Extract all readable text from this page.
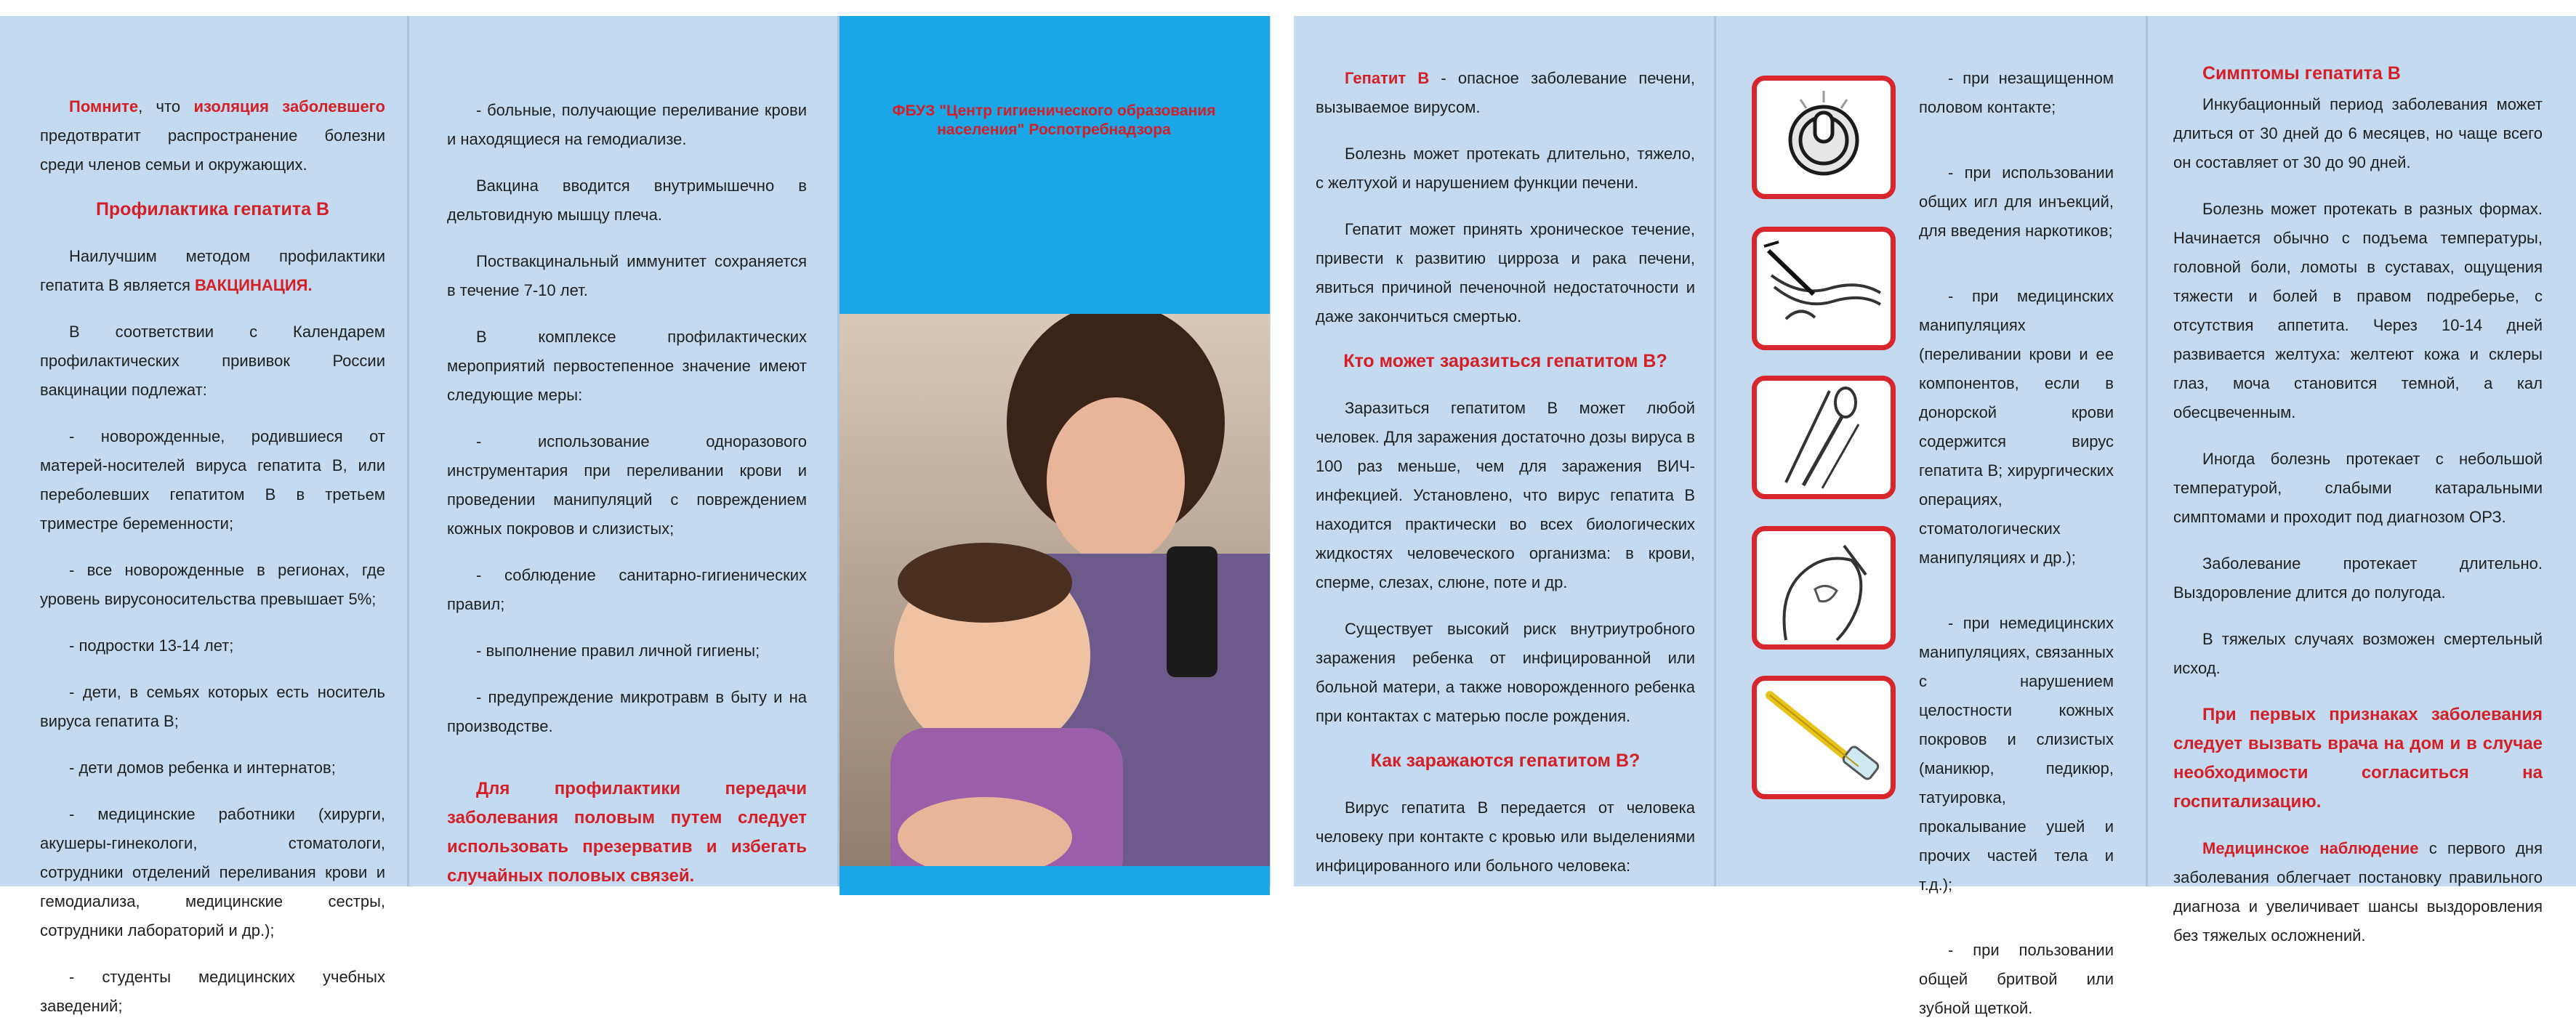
Помните, что изоляция заболевшего предотвратит распространение болезни среди членов семьи и окружающих.

Профилактика гепатита В

Наилучшим методом профилактики гепатита В является ВАКЦИНАЦИЯ.

В соответствии с Календарем профилактических прививок России вакцинации подлежат:

- новорожденные, родившиеся от матерей-носителей вируса гепатита В, или переболевших гепатитом В в третьем триместре беременности;

- все новорожденные в регионах, где уровень вирусоносительства превышает 5%;

- подростки 13-14 лет;

- дети, в семьях которых есть носитель вируса гепатита В;

- дети домов ребенка и интернатов;

- медицинские работники (хирурги, акушеры-гинекологи, стоматологи, сотрудники отделений переливания крови и гемодиализа, медицинские сестры, сотрудники лабораторий и др.);

- студенты медицинских учебных заведений;

- больные, получающие переливание крови и находящиеся на гемодиализе.

Вакцина вводится внутримышечно в дельтовидную мышцу плеча.

Поствакцинальный иммунитет сохраняется в течение 7-10 лет.

В комплексе профилактических мероприятий первостепенное значение имеют следующие меры:

- использование одноразового инструментария при переливании крови и проведении манипуляций с повреждением кожных покровов и слизистых;

- соблюдение санитарно-гигиенических правил;

- выполнение правил личной гигиены;

- предупреждение микротравм в быту и на производстве.

Для профилактики передачи заболевания половым путем следует использовать презерватив и избегать случайных половых связей.

ФБУЗ "Центр гигиенического образования населения" Роспотребнадзора

Гепатит В - опасное заболевание печени, вызываемое вирусом.

Болезнь может протекать длительно, тяжело, с желтухой и нарушением функции печени.

Гепатит может принять хроническое течение, привести к развитию цирроза и рака печени, явиться причиной печеночной недостаточности и даже закончиться смертью.

Кто может заразиться гепатитом В?

Заразиться гепатитом В может любой человек. Для заражения достаточно дозы вируса в 100 раз меньше, чем для заражения ВИЧ-инфекцией. Установлено, что вирус гепатита В находится практически во всех биологических жидкостях человеческого организма: в крови, сперме, слезах, слюне, поте и др.

Существует высокий риск внутриутробного заражения ребенка от инфицированной или больной матери, а также новорожденного ребенка при контактах с матерью после рождения.

Как заражаются гепатитом В?

Вирус гепатита В передается от человека человеку при контакте с кровью или выделениями инфицированного или больного человека:

- при незащищенном половом контакте;

- при использовании общих игл для инъекций, для введения наркотиков;

- при медицинских манипуляциях (переливании крови и ее компонентов, если в донорской крови содержится вирус гепатита В; хирургических операциях, стоматологических манипуляциях и др.);

- при немедицинских манипуляциях, связанных с нарушением целостности кожных покровов и слизистых (маникюр, педикюр, татуировка, прокалывание ушей и прочих частей тела и т.д.);

- при пользовании общей бритвой или зубной щеткой.

Симптомы гепатита В

Инкубационный период заболевания может длиться от 30 дней до 6 месяцев, но чаще всего он составляет от 30 до 90 дней.

Болезнь может протекать в разных формах. Начинается обычно с подъема температуры, головной боли, ломоты в суставах, ощущения тяжести и болей в правом подреберье, с отсутствия аппетита. Через 10-14 дней развивается желтуха: желтеют кожа и склеры глаз, моча становится темной, а кал обесцвеченным.

Иногда болезнь протекает с небольшой температурой, слабыми катаральными симптомами и проходит под диагнозом ОРЗ.

Заболевание протекает длительно. Выздоровление длится до полугода.

В тяжелых случаях возможен смертельный исход.

При первых признаках заболевания следует вызвать врача на дом и в случае необходимости согласиться на госпитализацию.

Медицинское наблюдение с первого дня заболевания облегчает постановку правильного диагноза и увеличивает шансы выздоровления без тяжелых осложнений.
